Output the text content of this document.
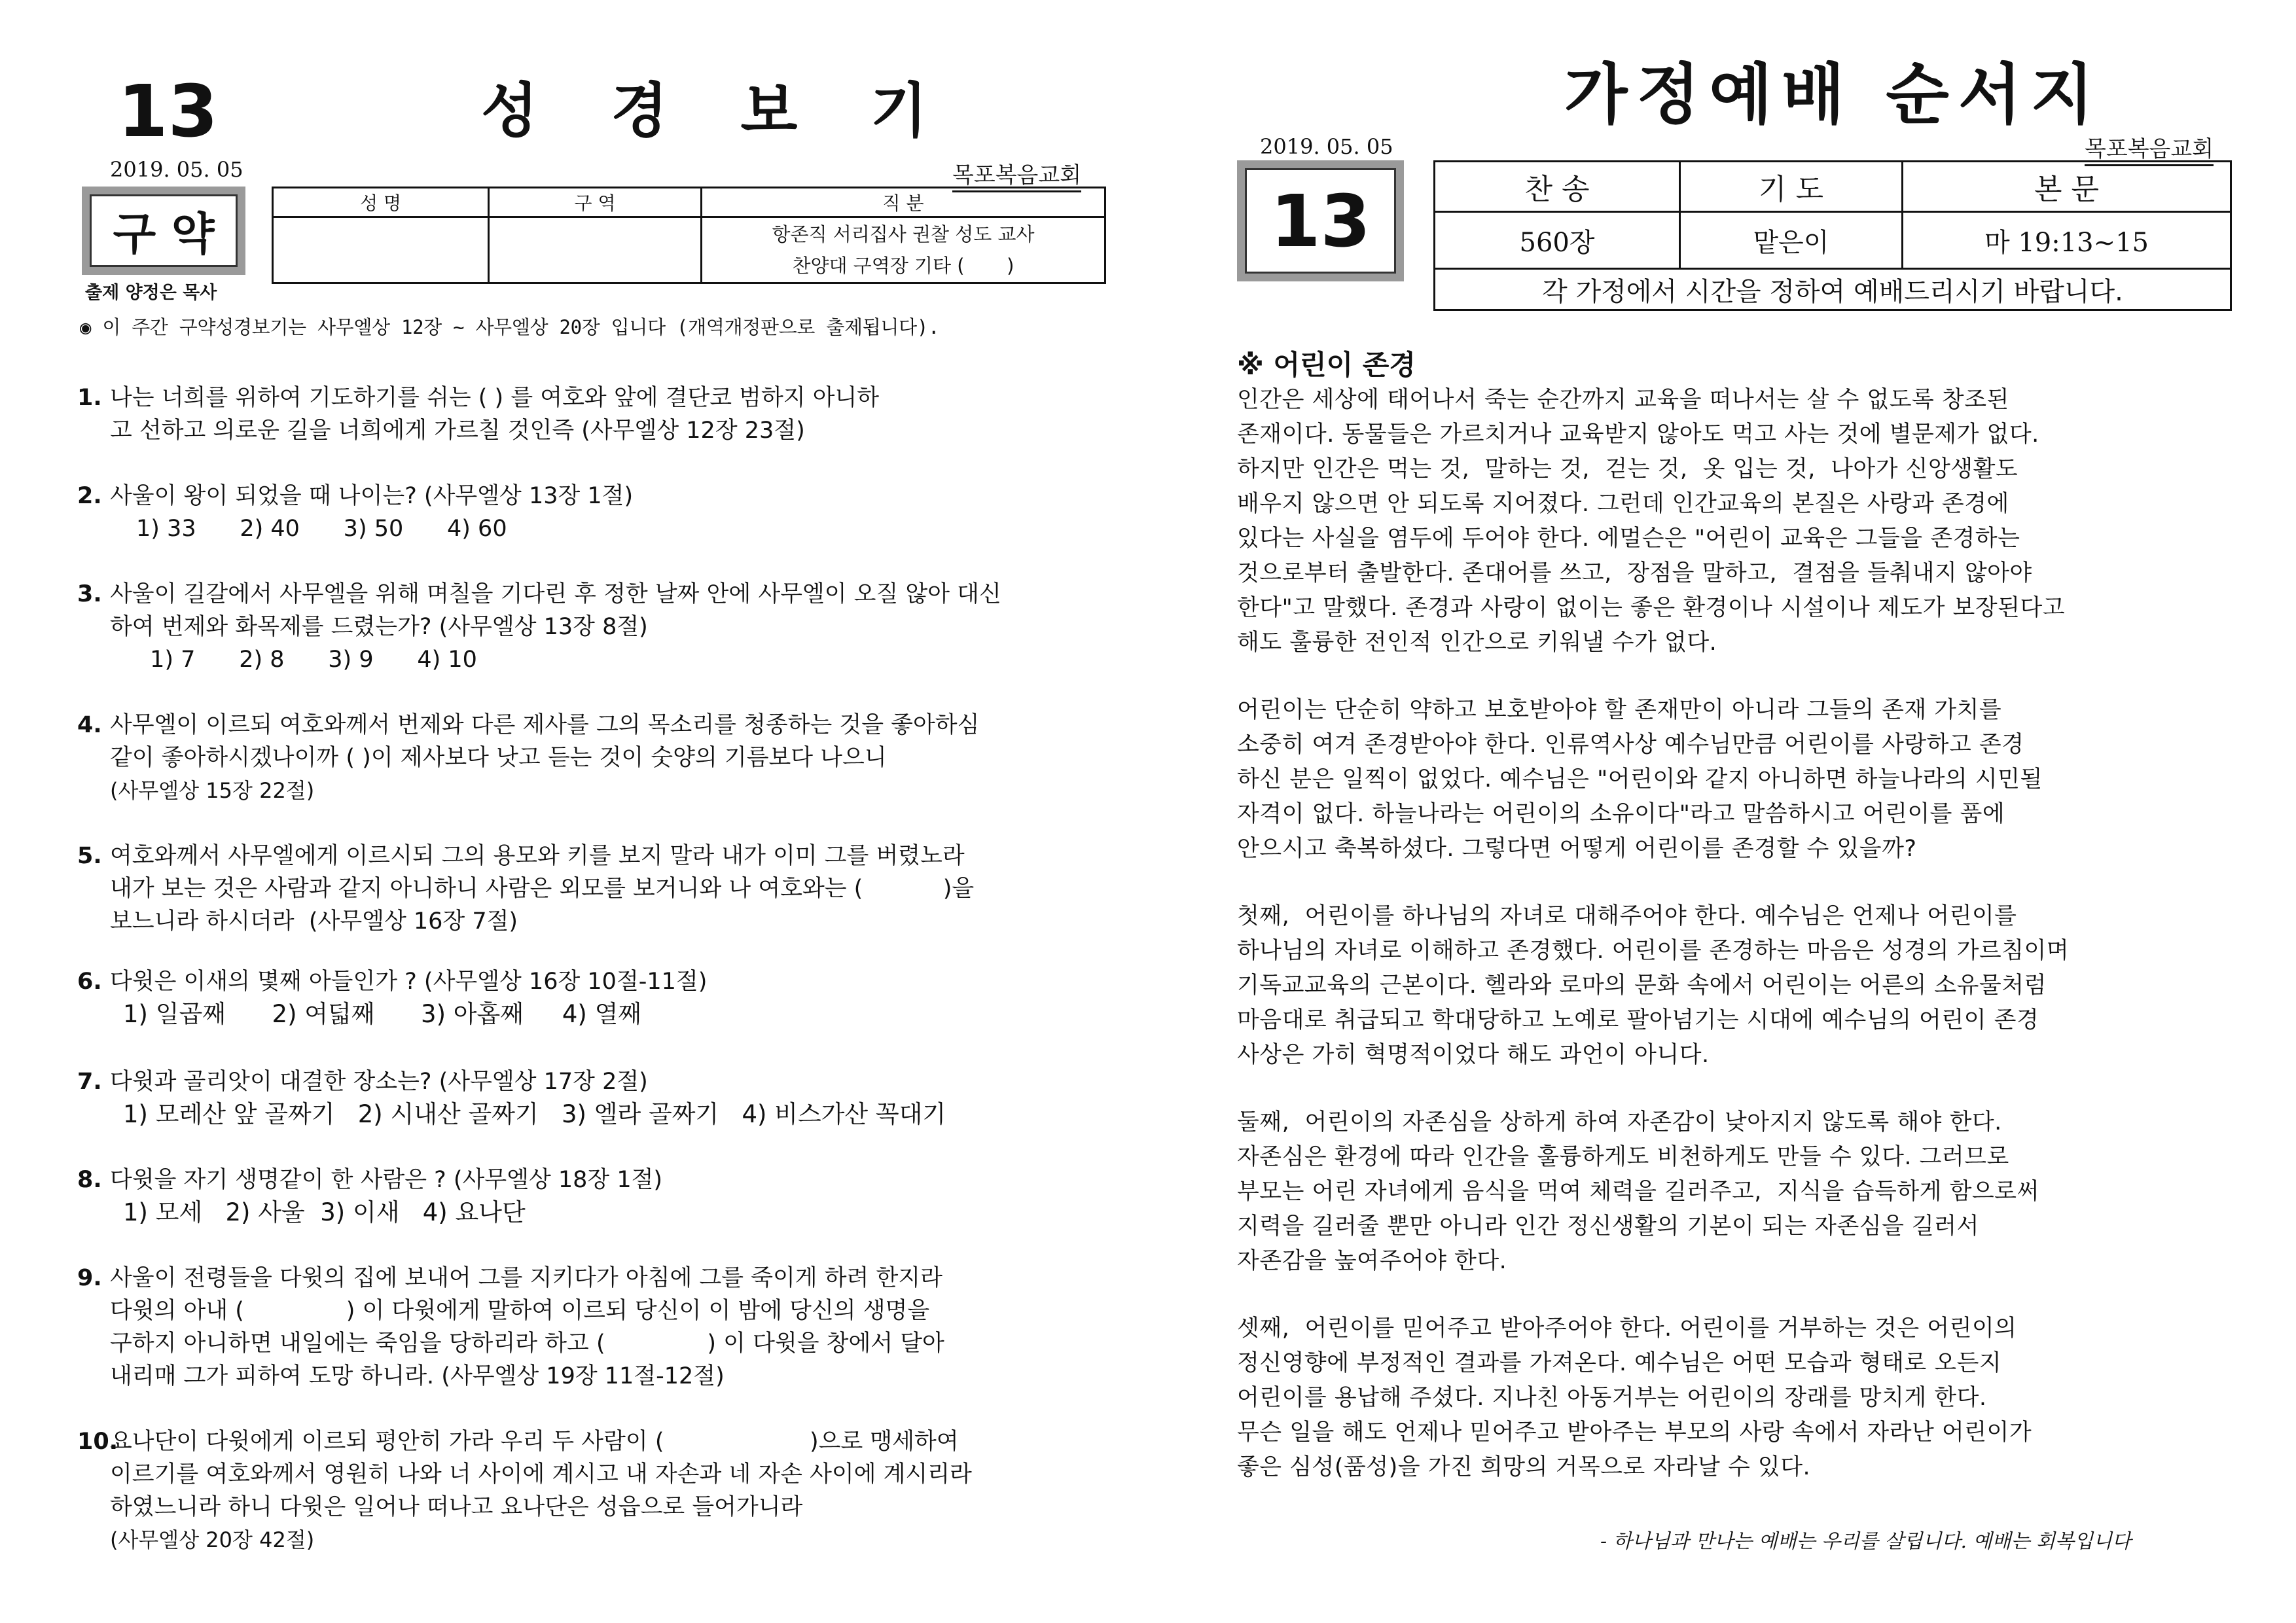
13	성 경 보 기
2019. 05. 05	목포복음교회
구 약
출제 양정은 목사
성 명	구 역	직 분

		항존직 서리집사 권찰 성도 교사
찬양대 구역장 기타 (       )
◉ 이 주간 구약성경보기는 사무엘상 12장 ~ 사무엘상 20장 입니다 (개역개정판으로 출제됩니다).
1. 나는 너희를 위하여 기도하기를 쉬는 ( ) 를 여호와 앞에 결단코 범하지 아니하
고 선하고 의로운 길을 너희에게 가르칠 것인즉 (사무엘상 12장 23절)
2. 사울이 왕이 되었을 때 나이는? (사무엘상 13장 1절)
1) 33      2) 40      3) 50      4) 60
3. 사울이 길갈에서 사무엘을 위해 며칠을 기다린 후 정한 날짜 안에 사무엘이 오질 않아 대신
하여 번제와 화목제를 드렸는가? (사무엘상 13장 8절)
1) 7      2) 8      3) 9      4) 10
4. 사무엘이 이르되 여호와께서 번제와 다른 제사를 그의 목소리를 청종하는 것을 좋아하심
같이 좋아하시겠나이까 ( )이 제사보다 낫고 듣는 것이 숫양의 기름보다 나으니
(사무엘상 15장 22절)
5. 여호와께서 사무엘에게 이르시되 그의 용모와 키를 보지 말라 내가 이미 그를 버렸노라
내가 보는 것은 사람과 같지 아니하니 사람은 외모를 보거니와 나 여호와는 (           )을
보느니라 하시더라  (사무엘상 16장 7절)
6. 다윗은 이새의 몇째 아들인가 ? (사무엘상 16장 10절-11절)
1) 일곱째      2) 여덟째      3) 아홉째     4) 열째
7. 다윗과 골리앗이 대결한 장소는? (사무엘상 17장 2절)
1) 모레산 앞 골짜기   2) 시내산 골짜기   3) 엘라 골짜기   4) 비스가산 꼭대기
8. 다윗을 자기 생명같이 한 사람은 ? (사무엘상 18장 1절)
1) 모세   2) 사울  3) 이새   4) 요나단
9. 사울이 전령들을 다윗의 집에 보내어 그를 지키다가 아침에 그를 죽이게 하려 한지라
다윗의 아내 (              ) 이 다윗에게 말하여 이르되 당신이 이 밤에 당신의 생명을
구하지 아니하면 내일에는 죽임을 당하리라 하고 (              ) 이 다윗을 창에서 달아
내리매 그가 피하여 도망 하니라. (사무엘상 19장 11절-12절)
10.
요나단이 다윗에게 이르되 평안히 가라 우리 두 사람이 (                    )으로 맹세하여
이르기를 여호와께서 영원히 나와 너 사이에 계시고 내 자손과 네 자손 사이에 계시리라
하였느니라 하니 다윗은 일어나 떠나고 요나단은 성읍으로 들어가니라
(사무엘상 20장 42절)
가정예배 순서지
2019. 05. 05	목포복음교회
13	찬 송	기 도	본 문
560장	맡은이	마 19:13~15
각 가정에서 시간을 정하여 예배드리시기 바랍니다.		
※ 어린이 존경

인간은 세상에 태어나서 죽는 순간까지 교육을 떠나서는 살 수 없도록 창조된

존재이다. 동물들은 가르치거나 교육받지 않아도 먹고 사는 것에 별문제가 없다.

하지만 인간은 먹는 것,  말하는 것,  걷는 것,  옷 입는 것,  나아가 신앙생활도

배우지 않으면 안 되도록 지어졌다. 그런데 인간교육의 본질은 사랑과 존경에

있다는 사실을 염두에 두어야 한다. 에멀슨은 "어린이 교육은 그들을 존경하는

것으로부터 출발한다. 존대어를 쓰고,  장점을 말하고,  결점을 들춰내지 않아야

한다"고 말했다. 존경과 사랑이 없이는 좋은 환경이나 시설이나 제도가 보장된다고

해도 훌륭한 전인적 인간으로 키워낼 수가 없다.

어린이는 단순히 약하고 보호받아야 할 존재만이 아니라 그들의 존재 가치를

소중히 여겨 존경받아야 한다. 인류역사상 예수님만큼 어린이를 사랑하고 존경

하신 분은 일찍이 없었다. 예수님은 "어린이와 같지 아니하면 하늘나라의 시민될

자격이 없다. 하늘나라는 어린이의 소유이다"라고 말씀하시고 어린이를 품에

안으시고 축복하셨다. 그렇다면 어떻게 어린이를 존경할 수 있을까?

첫째,  어린이를 하나님의 자녀로 대해주어야 한다. 예수님은 언제나 어린이를

하나님의 자녀로 이해하고 존경했다. 어린이를 존경하는 마음은 성경의 가르침이며

기독교교육의 근본이다. 헬라와 로마의 문화 속에서 어린이는 어른의 소유물처럼

마음대로 취급되고 학대당하고 노예로 팔아넘기는 시대에 예수님의 어린이 존경

사상은 가히 혁명적이었다 해도 과언이 아니다.

둘째,  어린이의 자존심을 상하게 하여 자존감이 낮아지지 않도록 해야 한다.

자존심은 환경에 따라 인간을 훌륭하게도 비천하게도 만들 수 있다. 그러므로

부모는 어린 자녀에게 음식을 먹여 체력을 길러주고,  지식을 습득하게 함으로써

지력을 길러줄 뿐만 아니라 인간 정신생활의 기본이 되는 자존심을 길러서

자존감을 높여주어야 한다.

셋째,  어린이를 믿어주고 받아주어야 한다. 어린이를 거부하는 것은 어린이의

정신영향에 부정적인 결과를 가져온다. 예수님은 어떤 모습과 형태로 오든지

어린이를 용납해 주셨다. 지나친 아동거부는 어린이의 장래를 망치게 한다.

무슨 일을 해도 언제나 믿어주고 받아주는 부모의 사랑 속에서 자라난 어린이가

좋은 심성(품성)을 가진 희망의 거목으로 자라날 수 있다.

- 하나님과 만나는 예배는 우리를 살립니다. 예배는 회복입니다
